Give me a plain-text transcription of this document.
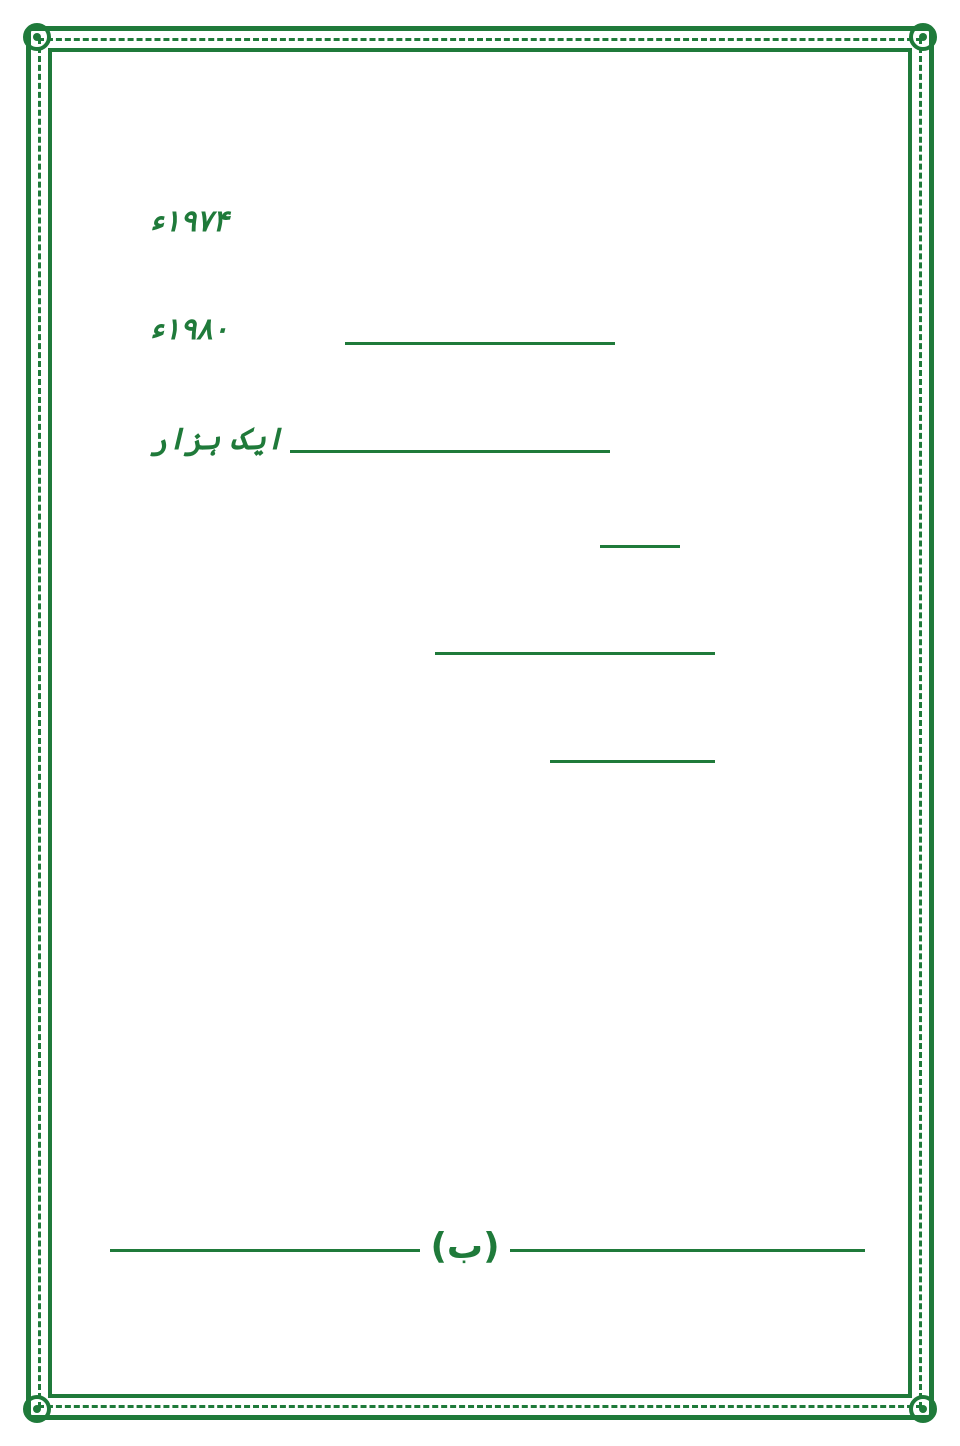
۱۹۷۴ء
۱۹۸۰ء
ایک ہزار
(ب)
